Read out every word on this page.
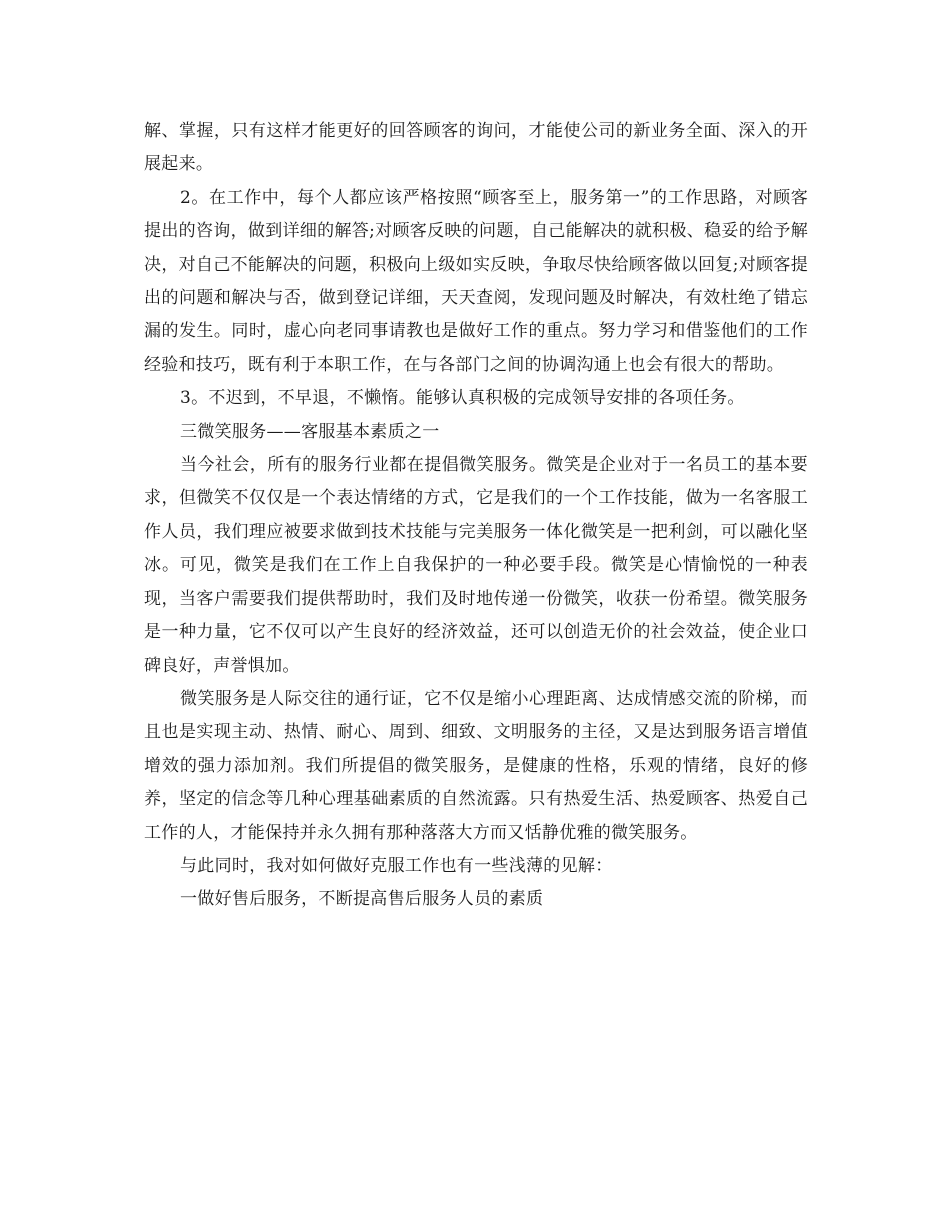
解、掌握，只有这样才能更好的回答顾客的询问，才能使公司的新业务全面、深入的开展起来。

2。在工作中，每个人都应该严格按照“顾客至上，服务第一”的工作思路，对顾客提出的咨询，做到详细的解答;对顾客反映的问题，自己能解决的就积极、稳妥的给予解决，对自己不能解决的问题，积极向上级如实反映，争取尽快给顾客做以回复;对顾客提出的问题和解决与否，做到登记详细，天天查阅，发现问题及时解决，有效杜绝了错忘漏的发生。同时，虚心向老同事请教也是做好工作的重点。努力学习和借鉴他们的工作经验和技巧，既有利于本职工作，在与各部门之间的协调沟通上也会有很大的帮助。

3。不迟到，不早退，不懒惰。能够认真积极的完成领导安排的各项任务。

三微笑服务——客服基本素质之一

当今社会，所有的服务行业都在提倡微笑服务。微笑是企业对于一名员工的基本要求，但微笑不仅仅是一个表达情绪的方式，它是我们的一个工作技能，做为一名客服工作人员，我们理应被要求做到技术技能与完美服务一体化微笑是一把利剑，可以融化坚冰。可见，微笑是我们在工作上自我保护的一种必要手段。微笑是心情愉悦的一种表现，当客户需要我们提供帮助时，我们及时地传递一份微笑，收获一份希望。微笑服务是一种力量，它不仅可以产生良好的经济效益，还可以创造无价的社会效益，使企业口碑良好，声誉惧加。

微笑服务是人际交往的通行证，它不仅是缩小心理距离、达成情感交流的阶梯，而且也是实现主动、热情、耐心、周到、细致、文明服务的主径，又是达到服务语言增值增效的强力添加剂。我们所提倡的微笑服务，是健康的性格，乐观的情绪，良好的修养，坚定的信念等几种心理基础素质的自然流露。只有热爱生活、热爱顾客、热爱自己工作的人，才能保持并永久拥有那种落落大方而又恬静优雅的微笑服务。

与此同时，我对如何做好克服工作也有一些浅薄的见解：

一做好售后服务，不断提高售后服务人员的素质
